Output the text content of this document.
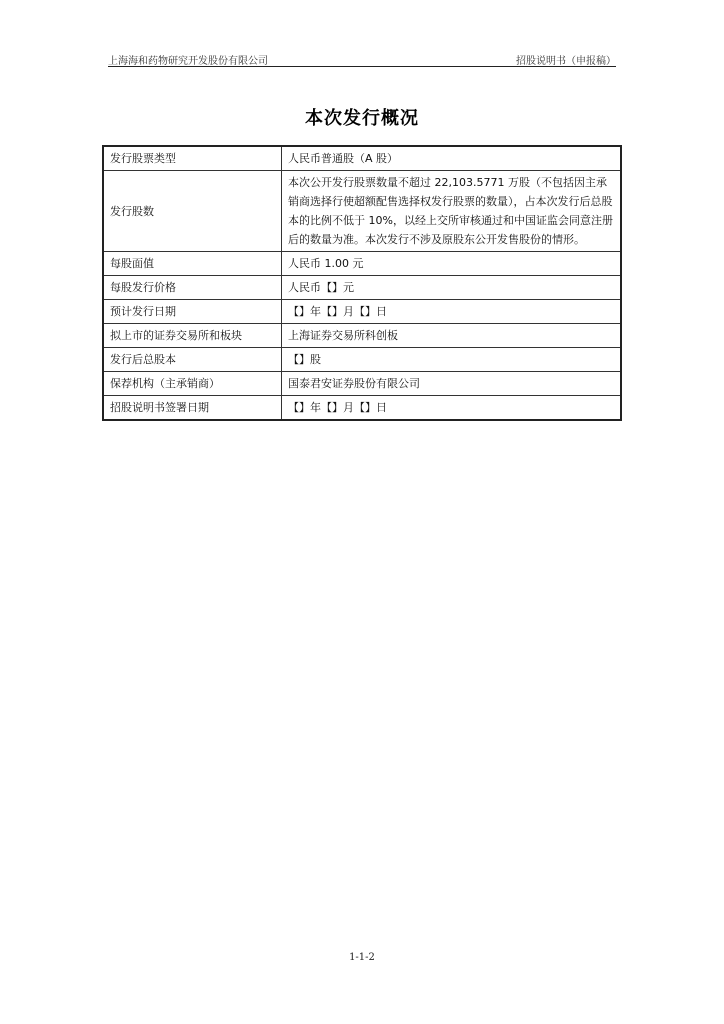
上海海和药物研究开发股份有限公司	招股说明书（申报稿）
本次发行概况
发行股票类型	人民币普通股（A 股）
发行股数	本次公开发行股票数量不超过 22,103.5771 万股（不包括因主承销商选择行使超额配售选择权发行股票的数量），占本次发行后总股本的比例不低于 10%，以经上交所审核通过和中国证监会同意注册后的数量为准。本次发行不涉及原股东公开发售股份的情形。
每股面值	人民币 1.00 元
每股发行价格	人民币【】元
预计发行日期	【】年【】月【】日
拟上市的证券交易所和板块	上海证券交易所科创板
发行后总股本	【】股
保荐机构（主承销商）	国泰君安证券股份有限公司
招股说明书签署日期	【】年【】月【】日
1-1-2
